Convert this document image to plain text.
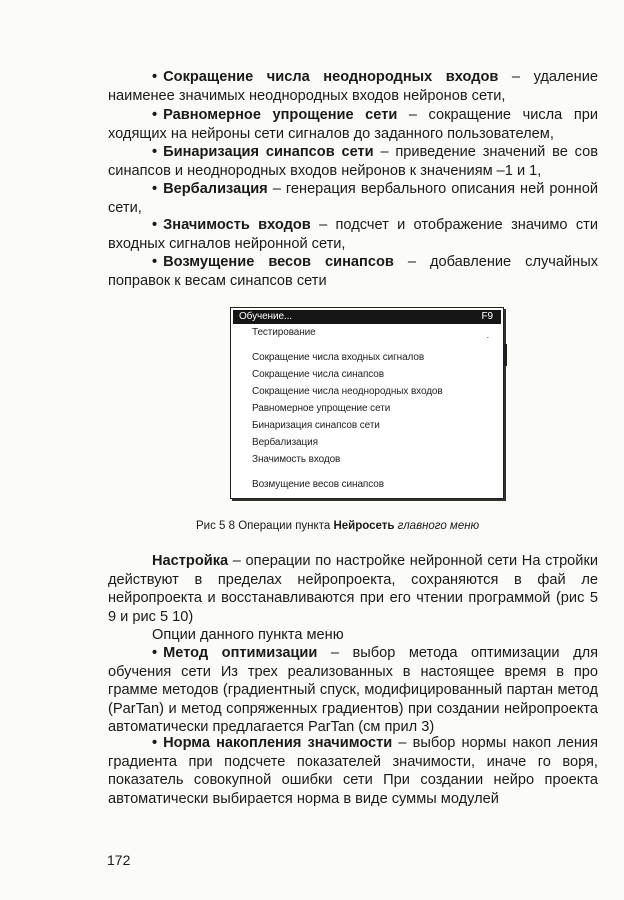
• Сокращение числа неоднородных входов – удаление наименее значимых неоднородных входов нейронов сети,

• Равномерное упрощение сети – сокращение числа при ходящих на нейроны сети сигналов до заданного пользователем,

• Бинаризация синапсов сети – приведение значений ве сов синапсов и неоднородных входов нейронов к значениям –1 и 1,

• Вербализация – генерация вербального описания ней ронной сети,

• Значимость входов – подсчет и отображение значимо сти входных сигналов нейронной сети,

• Возмущение весов синапсов – добавление случайных поправок к весам синапсов сети

Обучение...	F9
Тестирование	.
Сокращение числа входных сигналов
Сокращение числа синапсов
Сокращение числа неоднородных входов
Равномерное упрощение сети
Бинаризация синапсов сети
Вербализация
Значимость входов
Возмущение весов синапсов
Рис 5 8 Операции пункта Нейросеть главного меню

Настройка – операции по настройке нейронной сети На стройки действуют в пределах нейропроекта, сохраняются в фай ле нейропроекта и восстанавливаются при его чтении программой (рис 5 9 и рис 5 10)

Опции данного пункта меню

• Метод оптимизации – выбор метода оптимизации для обучения сети Из трех реализованных в настоящее время в про грамме методов (градиентный спуск, модифицированный партан метод (ParTan) и метод сопряженных градиентов) при создании нейропроекта автоматически предлагается ParTan (см прил 3)

• Норма накопления значимости – выбор нормы накоп ления градиента при подсчете показателей значимости, иначе го воря, показатель совокупной ошибки сети При создании нейро проекта автоматически выбирается норма в виде суммы модулей

172
